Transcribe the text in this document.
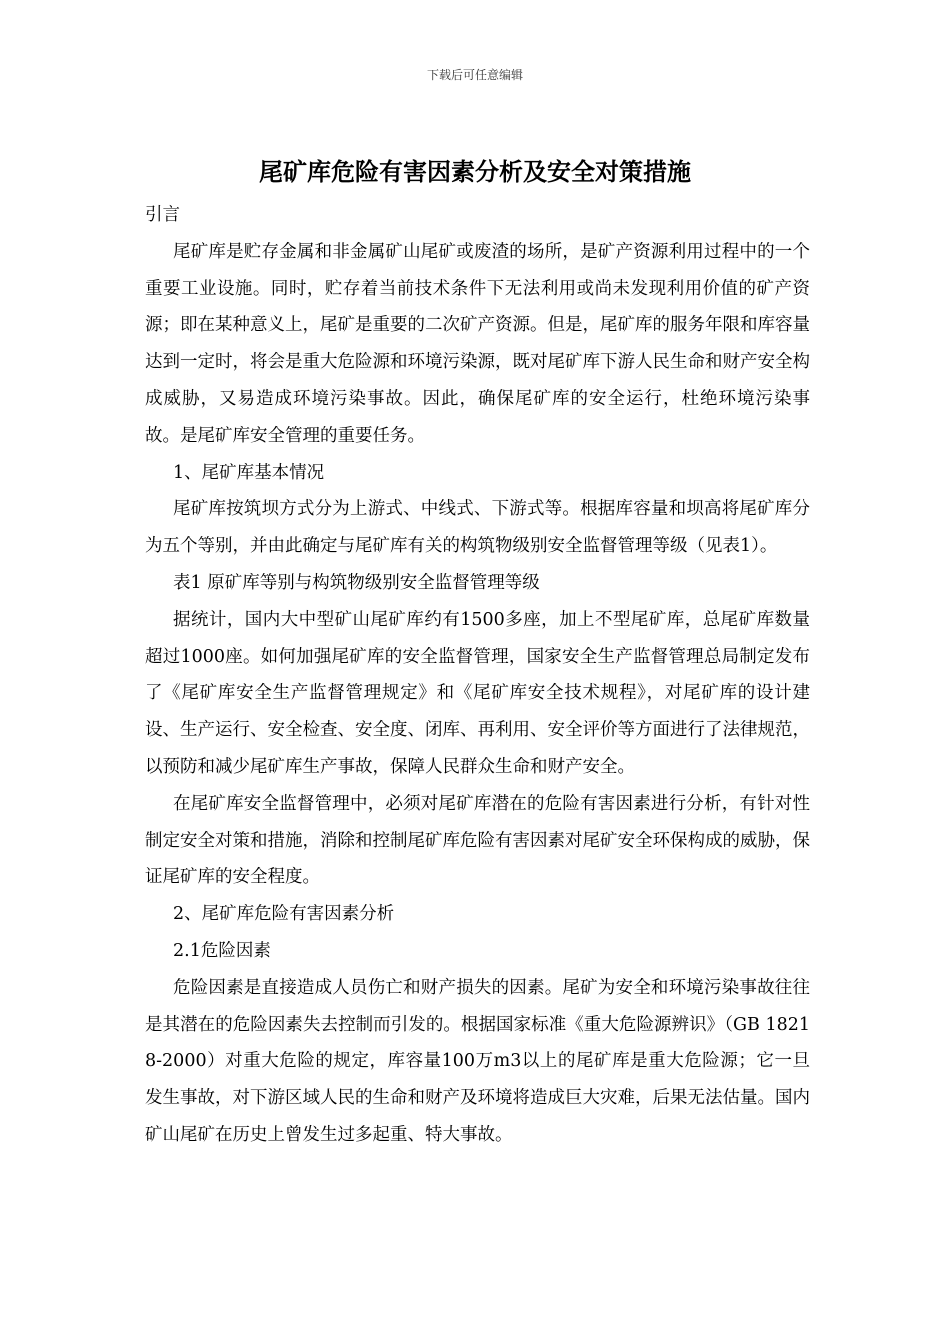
下载后可任意编辑
尾矿库危险有害因素分析及安全对策措施

引言

尾矿库是贮存金属和非金属矿山尾矿或废渣的场所，是矿产资源利用过程中的一个重要工业设施。同时，贮存着当前技术条件下无法利用或尚未发现利用价值的矿产资源；即在某种意义上，尾矿是重要的二次矿产资源。但是，尾矿库的服务年限和库容量达到一定时，将会是重大危险源和环境污染源，既对尾矿库下游人民生命和财产安全构成威胁，又易造成环境污染事故。因此，确保尾矿库的安全运行，杜绝环境污染事 故。是尾矿库安全管理的重要任务。

1、尾矿库基本情况

尾矿库按筑坝方式分为上游式、中线式、下游式等。根据库容量和坝高将尾矿库分为五个等别，并由此确定与尾矿库有关的构筑物级别安全监督管理等级（见表1）。

表1 原矿库等别与构筑物级别安全监督管理等级

据统计，国内大中型矿山尾矿库约有1500多座，加上不型尾矿库，总尾矿库数量超过1000座。如何加强尾矿库的安全监督管理，国家安全生产监督管理总局制定发布了《尾矿库安全生产监督管理规定》和《尾矿库安全技术规程》，对尾矿库的设计建设、生产运行、安全检查、安全度、闭库、再利用、安全评价等方面进行了法律规范，以预防和减少尾矿库生产事故，保障人民群众生命和财产安全。

在尾矿库安全监督管理中，必须对尾矿库潜在的危险有害因素进行分析，有针对性制定安全对策和措施，消除和控制尾矿库危险有害因素对尾矿安全环保构成的威胁，保证尾矿库的安全程度。

2、尾矿库危险有害因素分析

2.1危险因素

危险因素是直接造成人员伤亡和财产损失的因素。尾矿为安全和环境污染事故往往是其潜在的危险因素失去控制而引发的。根据国家标准《重大危险源辨识》（GB 18218-2000）对重大危险的规定，库容量100万m3以上的尾矿库是重大危险源；它一旦发生事故，对下游区域人民的生命和财产及环境将造成巨大灾难，后果无法估量。国内矿山尾矿在历史上曾发生过多起重、特大事故。
